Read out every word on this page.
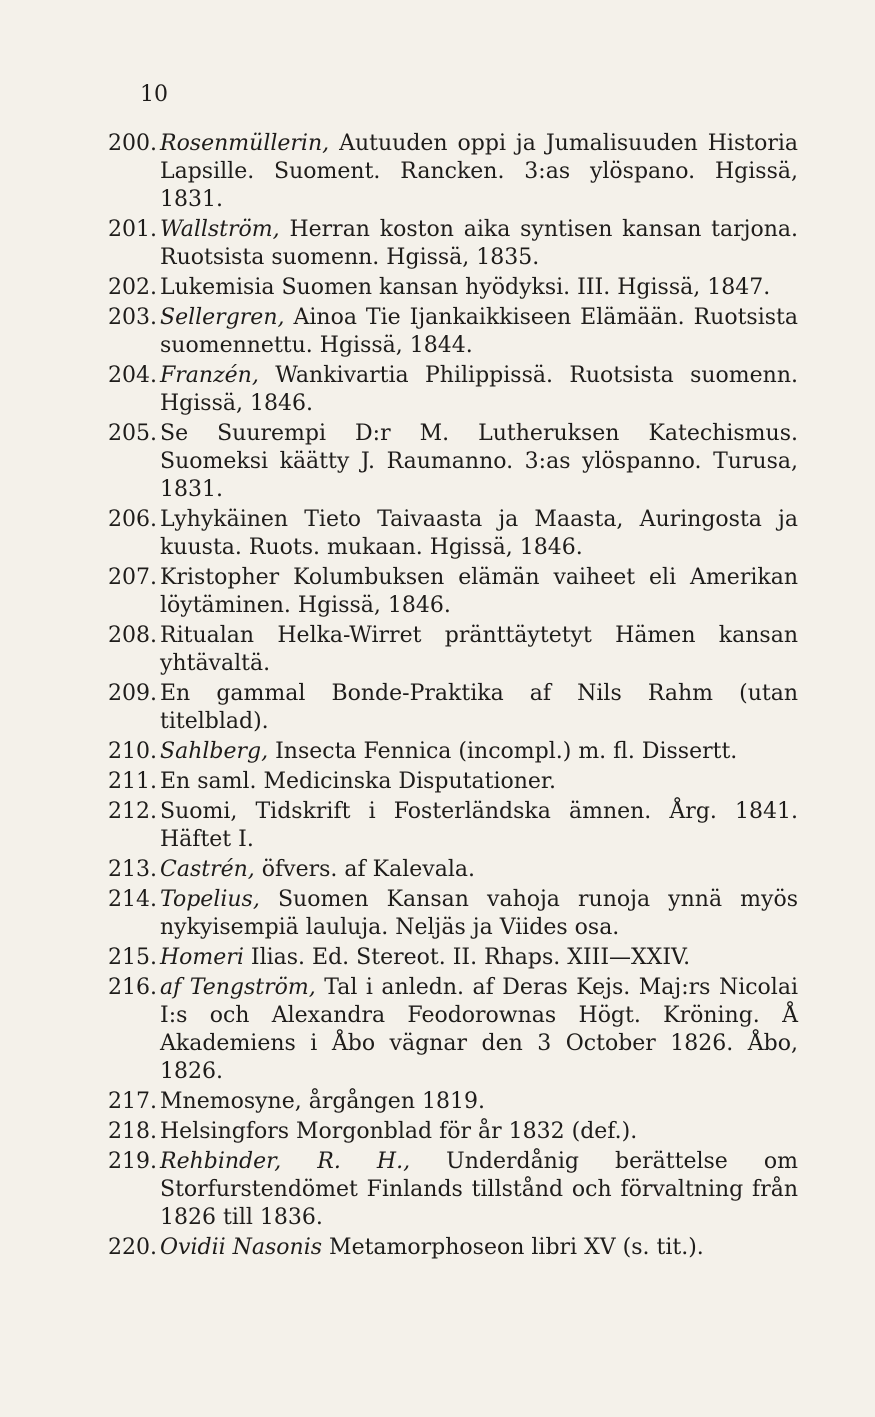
10
200. Rosenmüllerin, Autuuden oppi ja Jumalisuuden Historia Lapsille. Suoment. Rancken. 3:as ylöspano. Hgissä, 1831.
201. Wallström, Herran koston aika syntisen kansan tarjona. Ruotsista suomenn. Hgissä, 1835.
202. Lukemisia Suomen kansan hyödyksi. III. Hgissä, 1847.
203. Sellergren, Ainoa Tie Ijankaikkiseen Elämään. Ruotsista suomennettu. Hgissä, 1844.
204. Franzén, Wankivartia Philippissä. Ruotsista suomenn. Hgissä, 1846.
205. Se Suurempi D:r M. Lutheruksen Katechismus. Suomeksi käätty J. Raumanno. 3:as ylöspanno. Turusa, 1831.
206. Lyhykäinen Tieto Taivaasta ja Maasta, Auringosta ja kuusta. Ruots. mukaan. Hgissä, 1846.
207. Kristopher Kolumbuksen elämän vaiheet eli Amerikan löytäminen. Hgissä, 1846.
208. Ritualan Helka-Wirret pränttäytetyt Hämen kansan yhtävaltä.
209. En gammal Bonde-Praktika af Nils Rahm (utan titelblad).
210. Sahlberg, Insecta Fennica (incompl.) m. fl. Dissertt.
211. En saml. Medicinska Disputationer.
212. Suomi, Tidskrift i Fosterländska ämnen. Årg. 1841. Häftet I.
213. Castrén, öfvers. af Kalevala.
214. Topelius, Suomen Kansan vahoja runoja ynnä myös nykyisempiä lauluja. Neljäs ja Viides osa.
215. Homeri Ilias. Ed. Stereot. II. Rhaps. XIII—XXIV.
216. af Tengström, Tal i anledn. af Deras Kejs. Maj:rs Nicolai I:s och Alexandra Feodorownas Högt. Kröning. Å Akademiens i Åbo vägnar den 3 October 1826. Åbo, 1826.
217. Mnemosyne, årgången 1819.
218. Helsingfors Morgonblad för år 1832 (def.).
219. Rehbinder, R. H., Underdånig berättelse om Storfurstendömet Finlands tillstånd och förvaltning från 1826 till 1836.
220. Ovidii Nasonis Metamorphoseon libri XV (s. tit.).
